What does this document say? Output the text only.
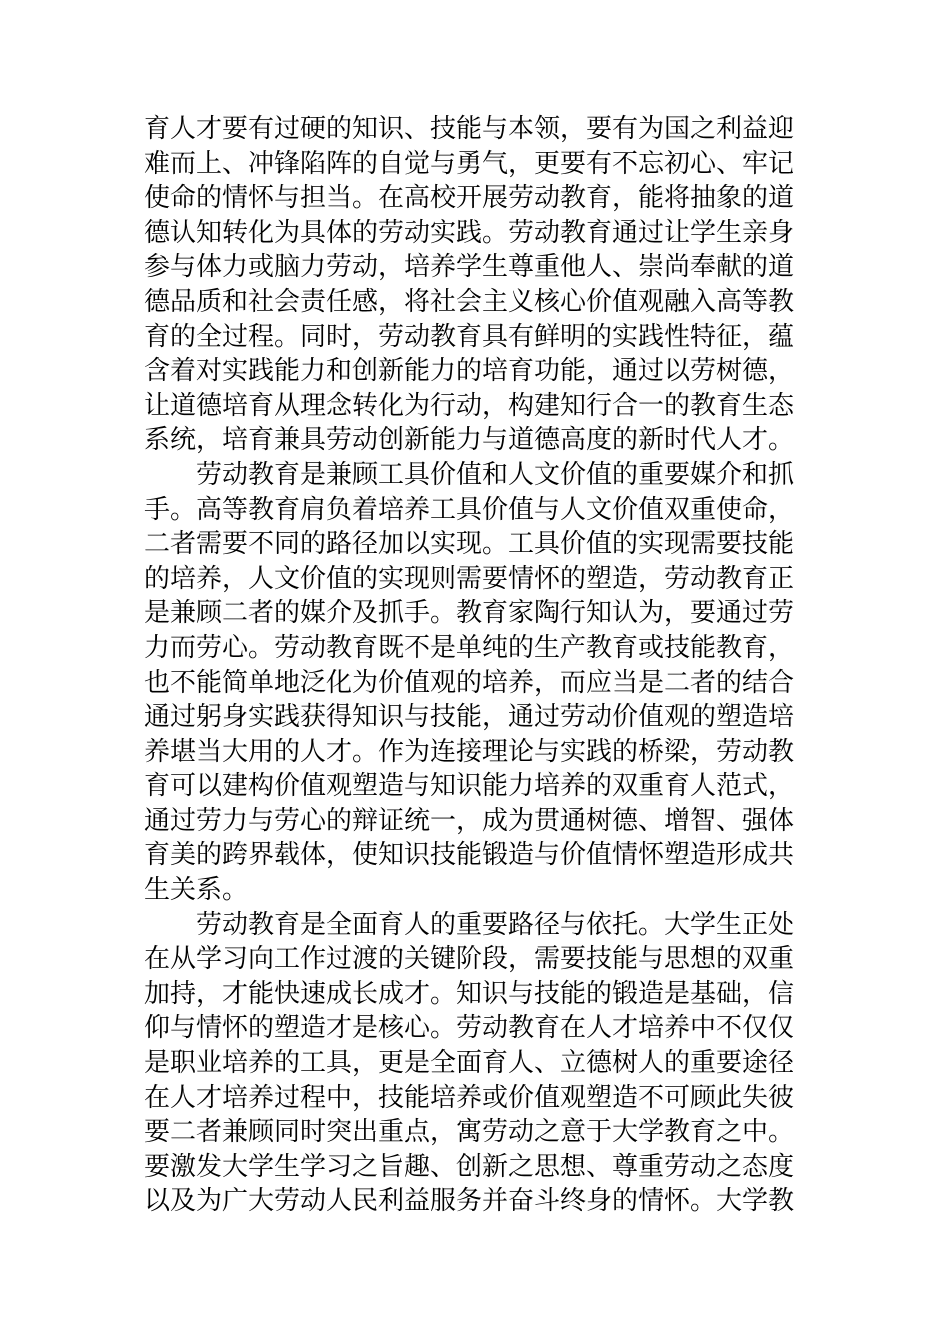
育人才要有过硬的知识、技能与本领，要有为国之利益迎
难而上、冲锋陷阵的自觉与勇气，更要有不忘初心、牢记
使命的情怀与担当。在高校开展劳动教育，能将抽象的道
德认知转化为具体的劳动实践。劳动教育通过让学生亲身
参与体力或脑力劳动，培养学生尊重他人、崇尚奉献的道
德品质和社会责任感，将社会主义核心价值观融入高等教
育的全过程。同时，劳动教育具有鲜明的实践性特征，蕴
含着对实践能力和创新能力的培育功能，通过以劳树德，
让道德培育从理念转化为行动，构建知行合一的教育生态
系统，培育兼具劳动创新能力与道德高度的新时代人才。
劳动教育是兼顾工具价值和人文价值的重要媒介和抓
手。高等教育肩负着培养工具价值与人文价值双重使命，
二者需要不同的路径加以实现。工具价值的实现需要技能
的培养，人文价值的实现则需要情怀的塑造，劳动教育正
是兼顾二者的媒介及抓手。教育家陶行知认为，要通过劳
力而劳心。劳动教育既不是单纯的生产教育或技能教育，
也不能简单地泛化为价值观的培养，而应当是二者的结合
通过躬身实践获得知识与技能，通过劳动价值观的塑造培
养堪当大用的人才。作为连接理论与实践的桥梁，劳动教
育可以建构价值观塑造与知识能力培养的双重育人范式，
通过劳力与劳心的辩证统一，成为贯通树德、增智、强体
育美的跨界载体，使知识技能锻造与价值情怀塑造形成共
生关系。
劳动教育是全面育人的重要路径与依托。大学生正处
在从学习向工作过渡的关键阶段，需要技能与思想的双重
加持，才能快速成长成才。知识与技能的锻造是基础，信
仰与情怀的塑造才是核心。劳动教育在人才培养中不仅仅
是职业培养的工具，更是全面育人、立德树人的重要途径
在人才培养过程中，技能培养或价值观塑造不可顾此失彼
要二者兼顾同时突出重点，寓劳动之意于大学教育之中。
要激发大学生学习之旨趣、创新之思想、尊重劳动之态度
以及为广大劳动人民利益服务并奋斗终身的情怀。大学教
